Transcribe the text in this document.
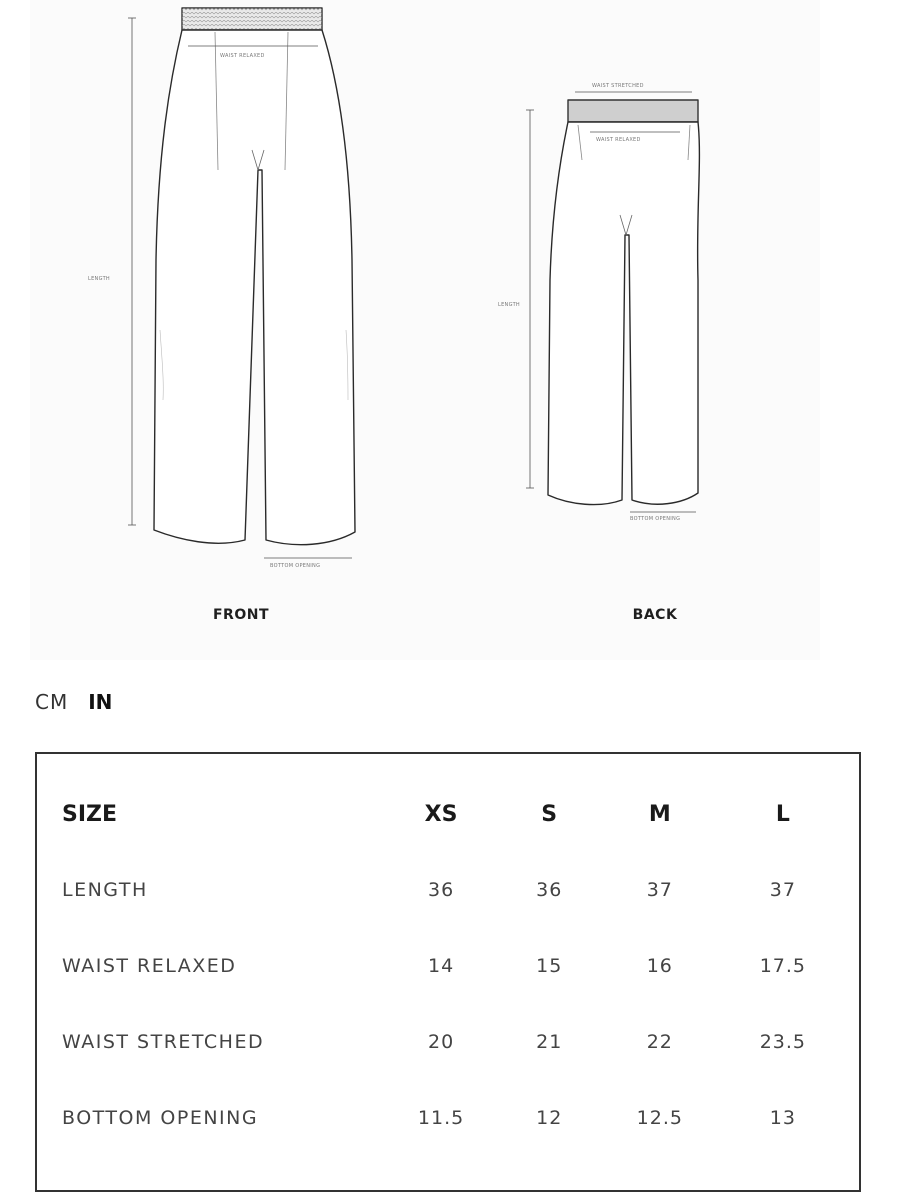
WAIST RELAXED
LENGTH
BOTTOM OPENING
WAIST STRETCHED
WAIST RELAXED
LENGTH
BOTTOM OPENING
FRONT	BACK
CM IN
SIZE	XS	S	M	L
LENGTH	36	36	37	37
WAIST RELAXED	14	15	16	17.5
WAIST STRETCHED	20	21	22	23.5
BOTTOM OPENING	11.5	12	12.5	13
